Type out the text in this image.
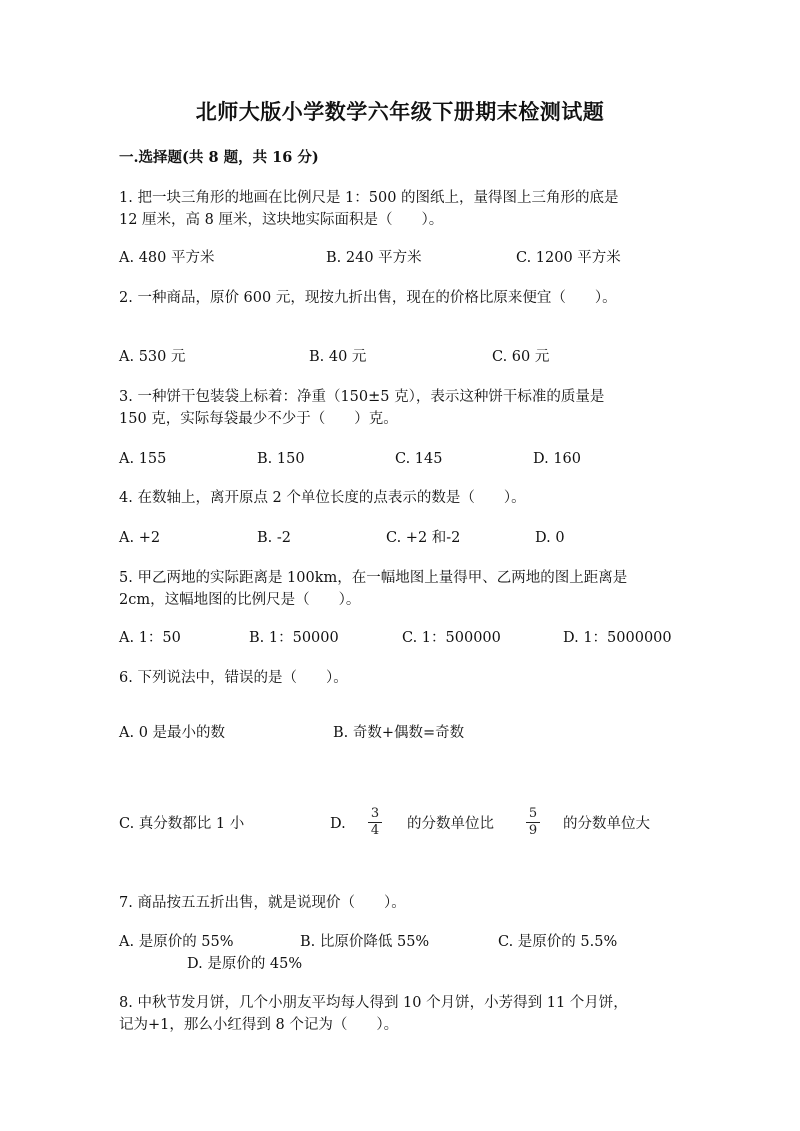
北师大版小学数学六年级下册期末检测试题
一.选择题(共 8 题，共 16 分)
1. 把一块三角形的地画在比例尺是 1：500 的图纸上，量得图上三角形的底是
12 厘米，高 8 厘米，这块地实际面积是（　　）。
A. 480 平方米	B. 240 平方米	C. 1200 平方米
2. 一种商品，原价 600 元，现按九折出售，现在的价格比原来便宜（　　）。
A. 530 元	B. 40 元	C. 60 元
3. 一种饼干包装袋上标着：净重（150±5 克），表示这种饼干标准的质量是
150 克，实际每袋最少不少于（　　）克。
A. 155	B. 150	C. 145	D. 160
4. 在数轴上，离开原点 2 个单位长度的点表示的数是（　　）。
A. +2	B. -2	C. +2 和-2	D. 0
5. 甲乙两地的实际距离是 100km，在一幅地图上量得甲、乙两地的图上距离是
2cm，这幅地图的比例尺是（　　）。
A. 1：50	B. 1：50000	C. 1：500000	D. 1：5000000
6. 下列说法中，错误的是（　　）。
A. 0 是最小的数	B. 奇数+偶数=奇数
C. 真分数都比 1 小	D. $\frac{3}{4}$ 的分数单位比 $\frac{5}{9}$ 的分数单位大
7. 商品按五五折出售，就是说现价（　　）。
A. 是原价的 55%	B. 比原价降低 55%	C. 是原价的 5.5%
D. 是原价的 45%
8. 中秋节发月饼，几个小朋友平均每人得到 10 个月饼，小芳得到 11 个月饼，
记为+1，那么小红得到 8 个记为（　　）。
